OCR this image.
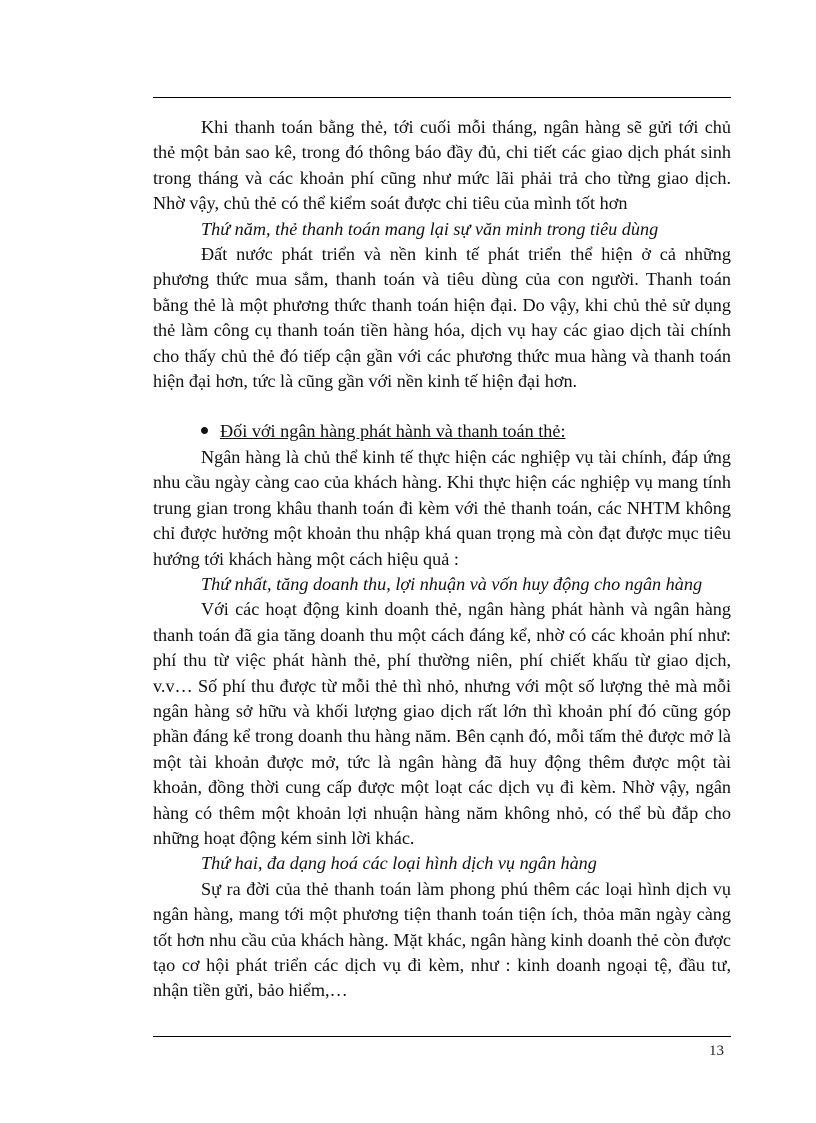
Khi thanh toán bằng thẻ, tới cuối mỗi tháng, ngân hàng sẽ gửi tới chủ thẻ một bản sao kê, trong đó thông báo đầy đủ, chi tiết các giao dịch phát sinh trong tháng và các khoản phí cũng như mức lãi phải trả cho từng giao dịch. Nhờ vậy, chủ thẻ có thể kiểm soát được chi tiêu của mình tốt hơn

Thứ năm, thẻ thanh toán mang lại sự văn minh trong tiêu dùng

Đất nước phát triển và nền kinh tế phát triển thể hiện ở cả những phương thức mua sắm, thanh toán và tiêu dùng của con người. Thanh toán bằng thẻ là một phương thức thanh toán hiện đại. Do vậy, khi chủ thẻ sử dụng thẻ làm công cụ thanh toán tiền hàng hóa, dịch vụ hay các giao dịch tài chính cho thấy chủ thẻ đó tiếp cận gần với các phương thức mua hàng và thanh toán hiện đại hơn, tức là cũng gần với nền kinh tế hiện đại hơn.

Đối với ngân hàng phát hành và thanh toán thẻ:

Ngân hàng là chủ thể kinh tế thực hiện các nghiệp vụ tài chính, đáp ứng nhu cầu ngày càng cao của khách hàng. Khi thực hiện các nghiệp vụ mang tính trung gian trong khâu thanh toán đi kèm với thẻ thanh toán, các NHTM không chỉ được hưởng một khoản thu nhập khá quan trọng mà còn đạt được mục tiêu hướng tới khách hàng một cách hiệu quả :

Thứ nhất, tăng doanh thu, lợi nhuận và vốn huy động cho ngân hàng

Với các hoạt động kinh doanh thẻ, ngân hàng phát hành và ngân hàng thanh toán đã gia tăng doanh thu một cách đáng kể, nhờ có các khoản phí như: phí thu từ việc phát hành thẻ, phí thường niên, phí chiết khấu từ giao dịch, v.v… Số phí thu được từ mỗi thẻ thì nhỏ, nhưng với một số lượng thẻ mà mỗi ngân hàng sở hữu và khối lượng giao dịch rất lớn thì khoản phí đó cũng góp phần đáng kể trong doanh thu hàng năm. Bên cạnh đó, mỗi tấm thẻ được mở là một tài khoản được mở, tức là ngân hàng đã huy động thêm được một tài khoản, đồng thời cung cấp được một loạt các dịch vụ đi kèm. Nhờ vậy, ngân hàng có thêm một khoản lợi nhuận hàng năm không nhỏ, có thể bù đắp cho những hoạt động kém sinh lời khác.

Thứ hai, đa dạng hoá các loại hình dịch vụ ngân hàng

Sự ra đời của thẻ thanh toán làm phong phú thêm các loại hình dịch vụ ngân hàng, mang tới một phương tiện thanh toán tiện ích, thỏa mãn ngày càng tốt hơn nhu cầu của khách hàng. Mặt khác, ngân hàng kinh doanh thẻ còn được tạo cơ hội phát triển các dịch vụ đi kèm, như : kinh doanh ngoại tệ, đầu tư, nhận tiền gửi, bảo hiểm,…

13
